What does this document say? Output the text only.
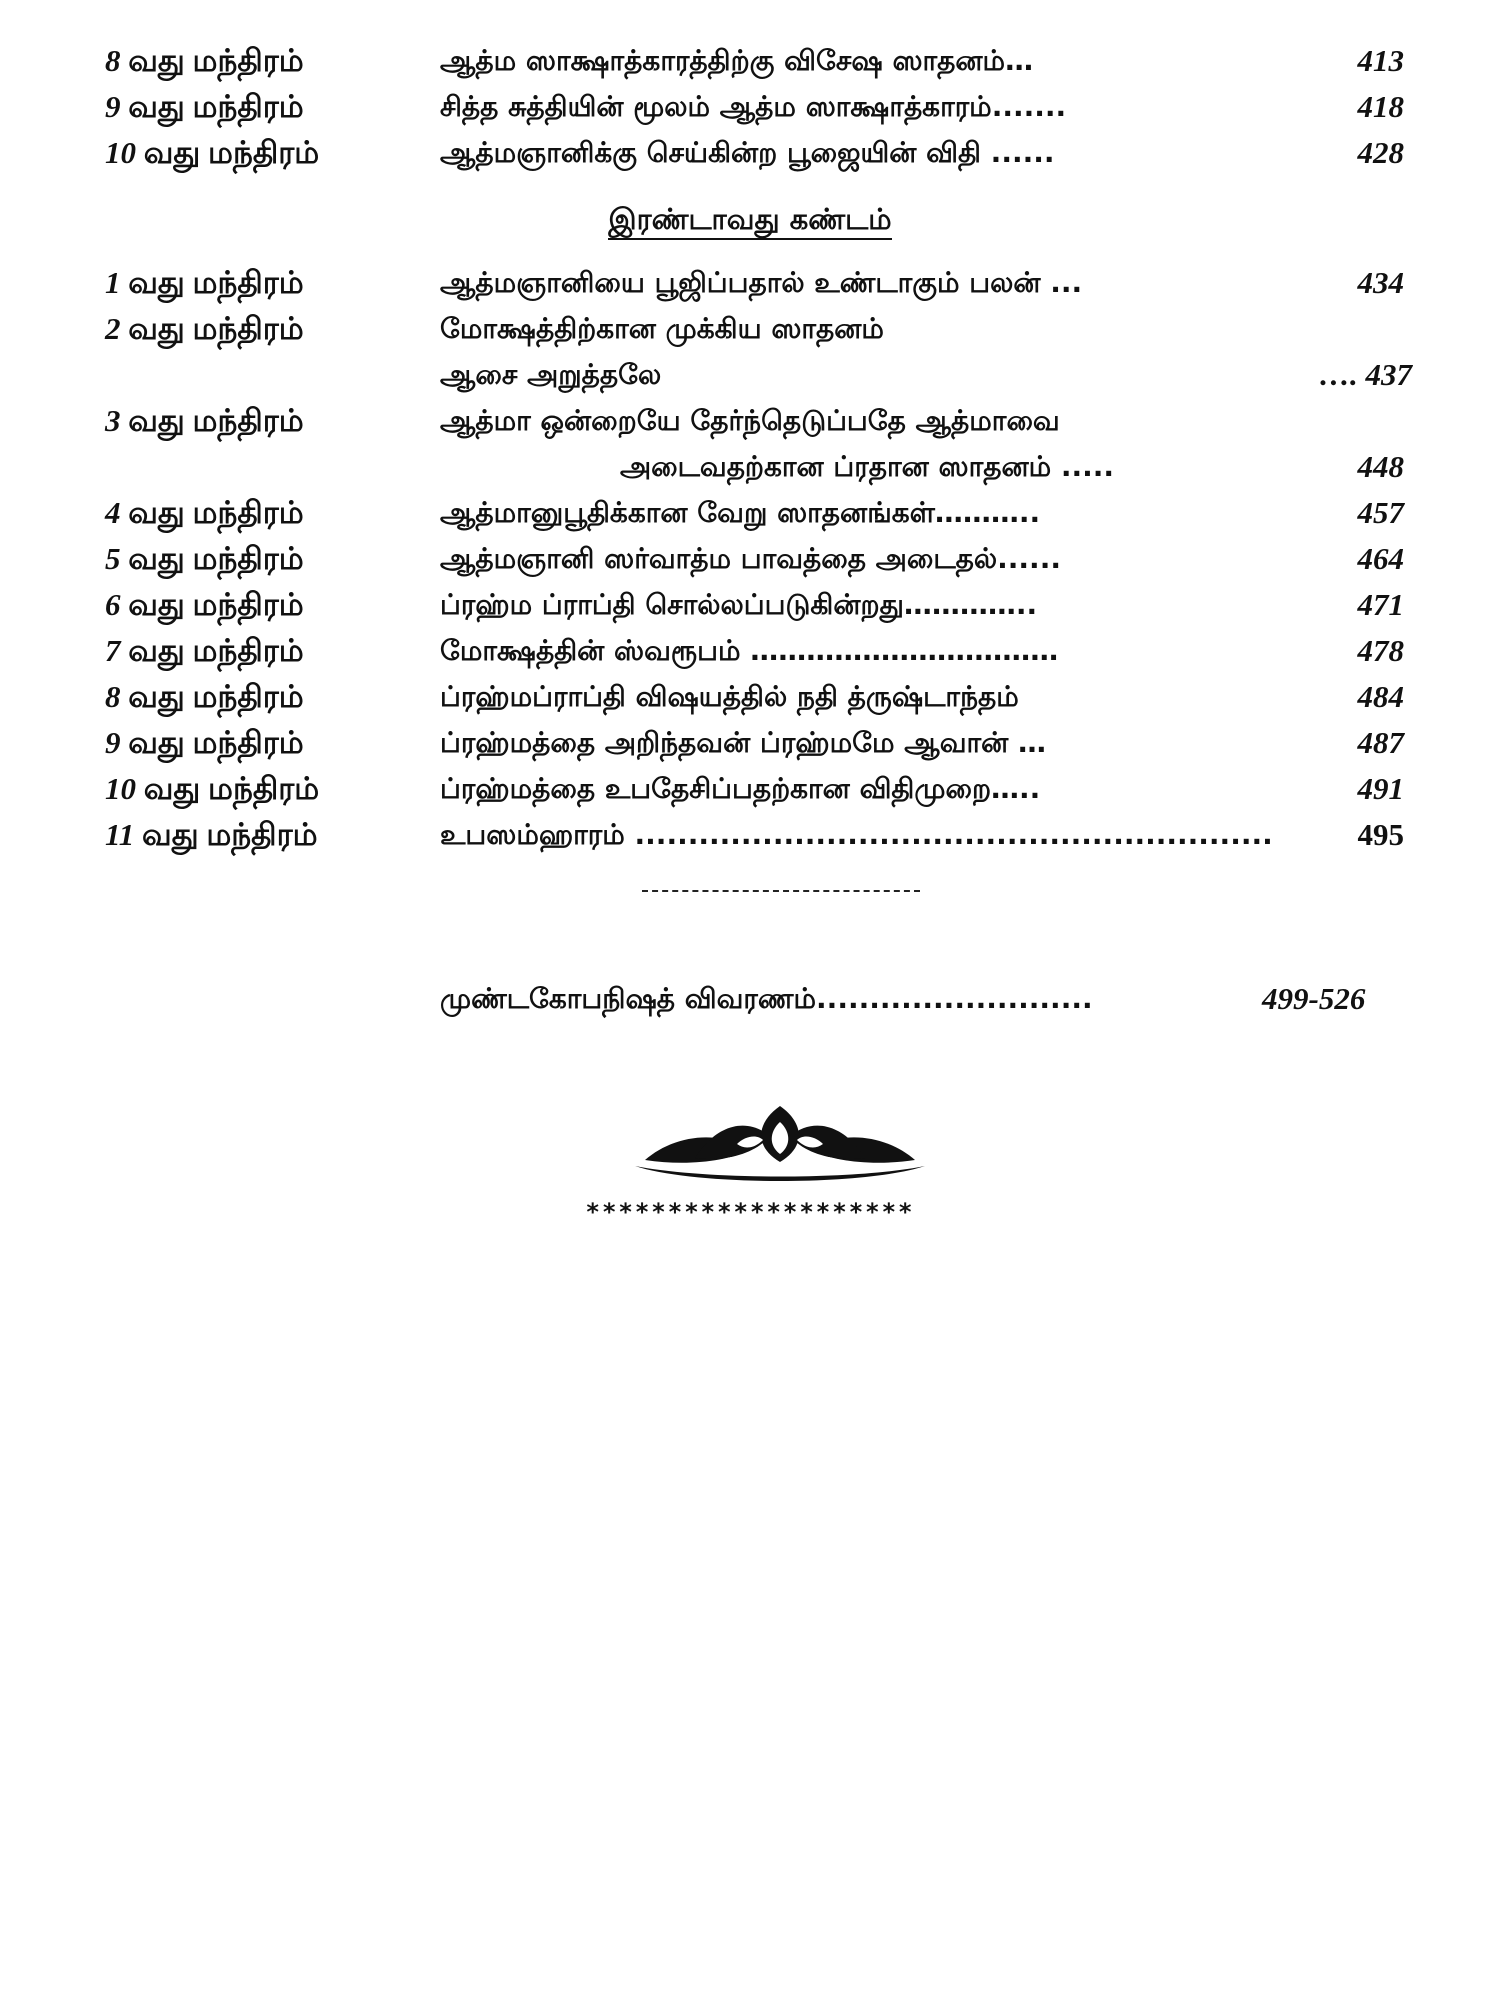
8 வது மந்திரம்	ஆத்ம ஸாக்ஷாத்காரத்திற்கு விசேஷ ஸாதனம்…	413
9 வது மந்திரம்	சித்த சுத்தியின் மூலம் ஆத்ம ஸாக்ஷாத்காரம்.......	418
10 வது மந்திரம்	ஆத்மஞானிக்கு செய்கின்ற பூஜையின் விதி ......	428
இரண்டாவது கண்டம்
1 வது மந்திரம்	ஆத்மஞானியை பூஜிப்பதால் உண்டாகும் பலன் ...	434
2 வது மந்திரம்	மோக்ஷத்திற்கான முக்கிய ஸாதனம்
ஆசை அறுத்தலே	…. 437
3 வது மந்திரம்	ஆத்மா ஒன்றையே தேர்ந்தெடுப்பதே ஆத்மாவை
அடைவதற்கான ப்ரதான ஸாதனம் .....	448
4 வது மந்திரம்	ஆத்மானுபூதிக்கான வேறு ஸாதனங்கள்………..	457
5 வது மந்திரம்	ஆத்மஞானி ஸர்வாத்ம பாவத்தை அடைதல்......	464
6 வது மந்திரம்	ப்ரஹ்ம ப்ராப்தி சொல்லப்படுகின்றது…………..	471
7 வது மந்திரம்	மோக்ஷத்தின் ஸ்வரூபம் ……………………………	478
8 வது மந்திரம்	ப்ரஹ்மப்ராப்தி விஷயத்தில் நதி த்ருஷ்டாந்தம்	484
9 வது மந்திரம்	ப்ரஹ்மத்தை அறிந்தவன் ப்ரஹ்மமே ஆவான் …	487
10 வது மந்திரம்	ப்ரஹ்மத்தை உபதேசிப்பதற்கான விதிமுறை…..	491
11 வது மந்திரம்	உபஸம்ஹாரம் ............................................................	495
முண்டகோபநிஷத் விவரணம்..........................	499-526
********************
